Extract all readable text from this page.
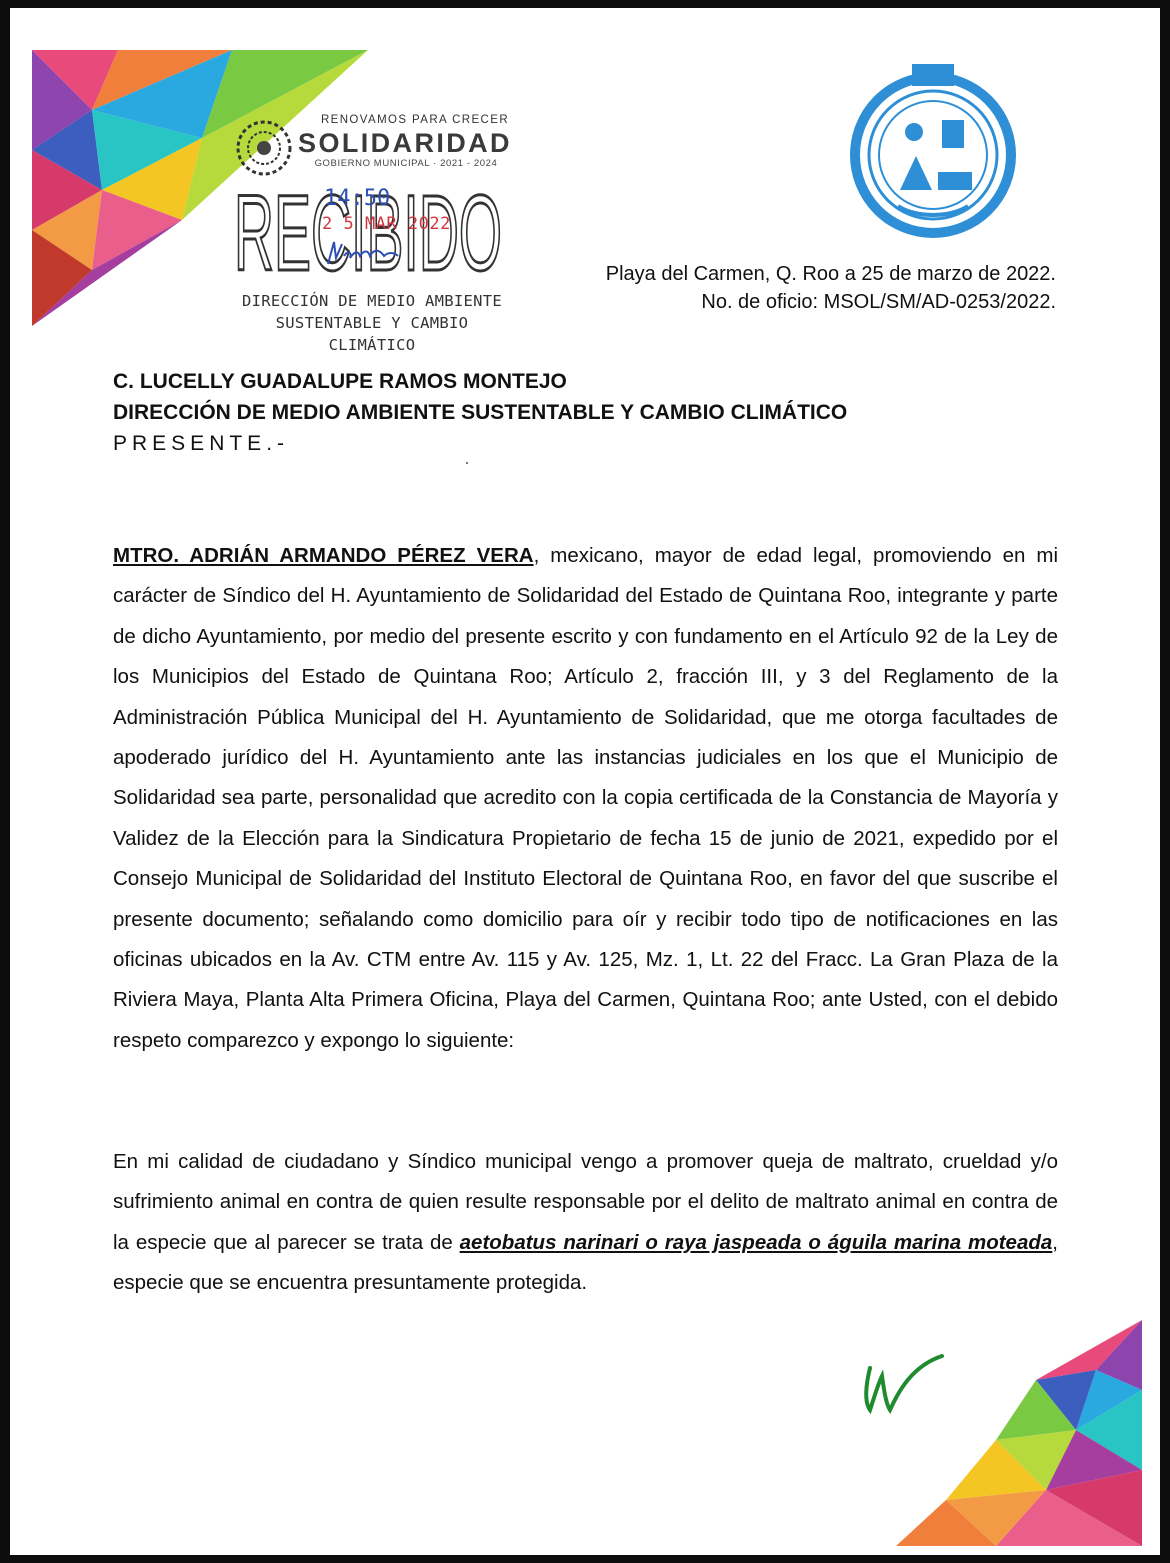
RENOVAMOS PARA CRECER
SOLIDARIDAD
GOBIERNO MUNICIPAL · 2021 - 2024
RECIBIDO
14:50
2 5 MAR 2022
DIRECCIÓN DE MEDIO AMBIENTE
SUSTENTABLE Y CAMBIO CLIMÁTICO
Playa del Carmen, Q. Roo a 25 de marzo de 2022.
No. de oficio: MSOL/SM/AD-0253/2022.
C. LUCELLY GUADALUPE RAMOS MONTEJO
DIRECCIÓN DE MEDIO AMBIENTE SUSTENTABLE Y CAMBIO CLIMÁTICO
PRESENTE.-

MTRO. ADRIÁN ARMANDO PÉREZ VERA, mexicano, mayor de edad legal, promoviendo en mi carácter de Síndico del H. Ayuntamiento de Solidaridad del Estado de Quintana Roo, integrante y parte de dicho Ayuntamiento, por medio del presente escrito y con fundamento en el Artículo 92 de la Ley de los Municipios del Estado de Quintana Roo; Artículo 2, fracción III, y 3 del Reglamento de la Administración Pública Municipal del H. Ayuntamiento de Solidaridad, que me otorga facultades de apoderado jurídico del H. Ayuntamiento ante las instancias judiciales en los que el Municipio de Solidaridad sea parte, personalidad que acredito con la copia certificada de la Constancia de Mayoría y Validez de la Elección para la Sindicatura Propietario de fecha 15 de junio de 2021, expedido por el Consejo Municipal de Solidaridad del Instituto Electoral de Quintana Roo, en favor del que suscribe el presente documento; señalando como domicilio para oír y recibir todo tipo de notificaciones en las oficinas ubicados en la Av. CTM entre Av. 115 y Av. 125, Mz. 1, Lt. 22 del Fracc. La Gran Plaza de la Riviera Maya, Planta Alta Primera Oficina, Playa del Carmen, Quintana Roo; ante Usted, con el debido respeto comparezco y expongo lo siguiente:

En mi calidad de ciudadano y Síndico municipal vengo a promover queja de maltrato, crueldad y/o sufrimiento animal en contra de quien resulte responsable por el delito de maltrato animal en contra de la especie que al parecer se trata de aetobatus narinari o raya jaspeada o águila marina moteada, especie que se encuentra presuntamente protegida.
